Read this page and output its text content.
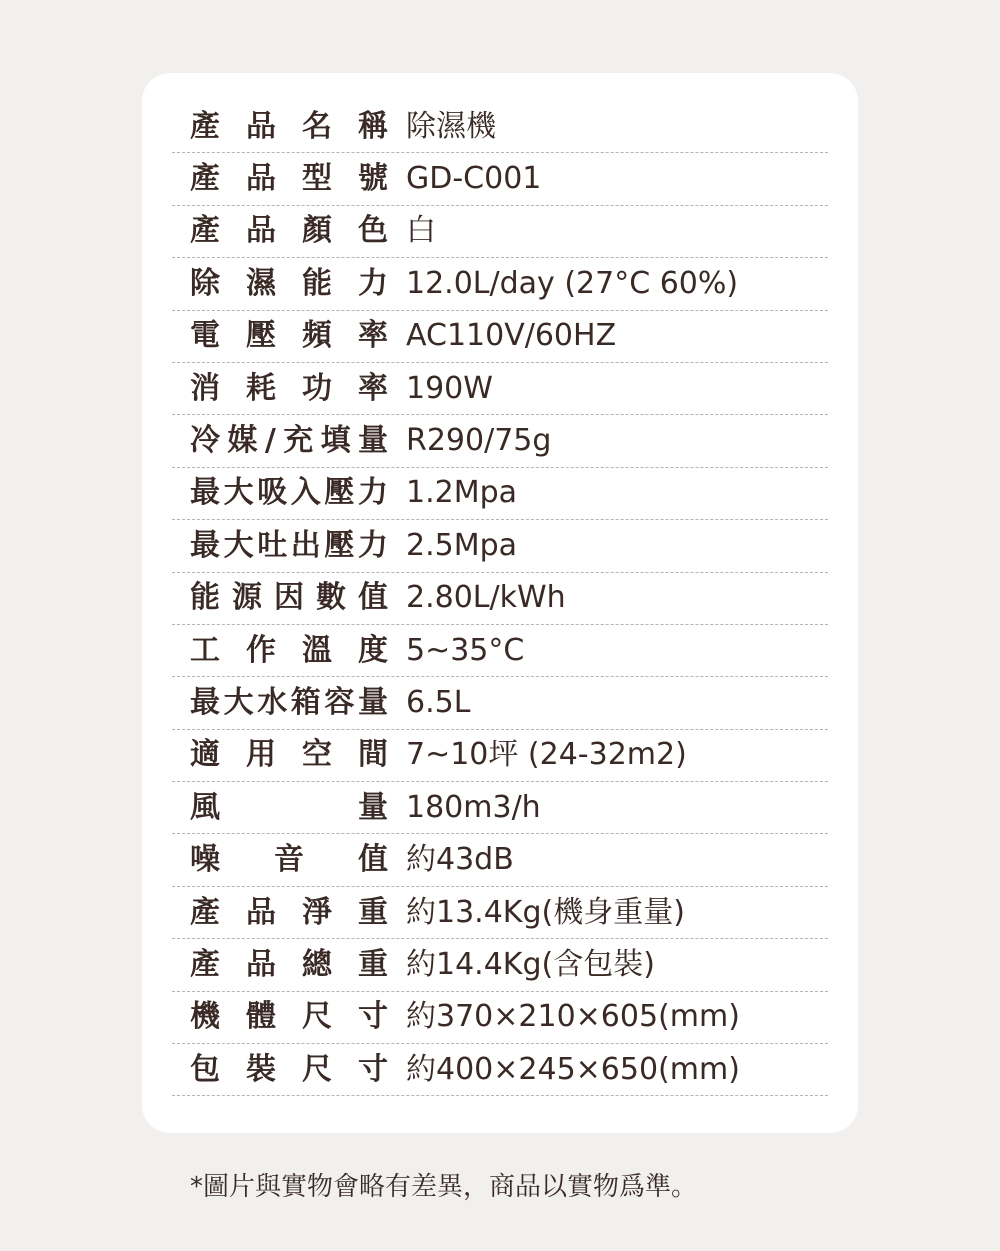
產 品 名 稱 除濕機
產 品 型 號 GD-C001
產 品 顏 色 白
除 濕 能 力 12.0L/day (27°C 60%)
電 壓 頻 率 AC110V/60HZ
消 耗 功 率 190W
冷 媒 / 充 填 量 R290/75g
最 大 吸 入 壓 力 1.2Mpa
最 大 吐 出 壓 力 2.5Mpa
能 源 因 數 值 2.80L/kWh
工 作 溫 度 5~35°C
最 大 水 箱 容 量 6.5L
適 用 空 間 7~10坪 (24-32m2)
風	量 180m3/h
噪 音 值 約43dB
產 品 淨 重 約13.4Kg(機身重量)
產 品 總 重 約14.4Kg(含包裝)
機 體 尺 寸 約370×210×605(mm)
包 裝 尺 寸 約400×245×650(mm)
*圖片與實物會略有差異，商品以實物爲準。
